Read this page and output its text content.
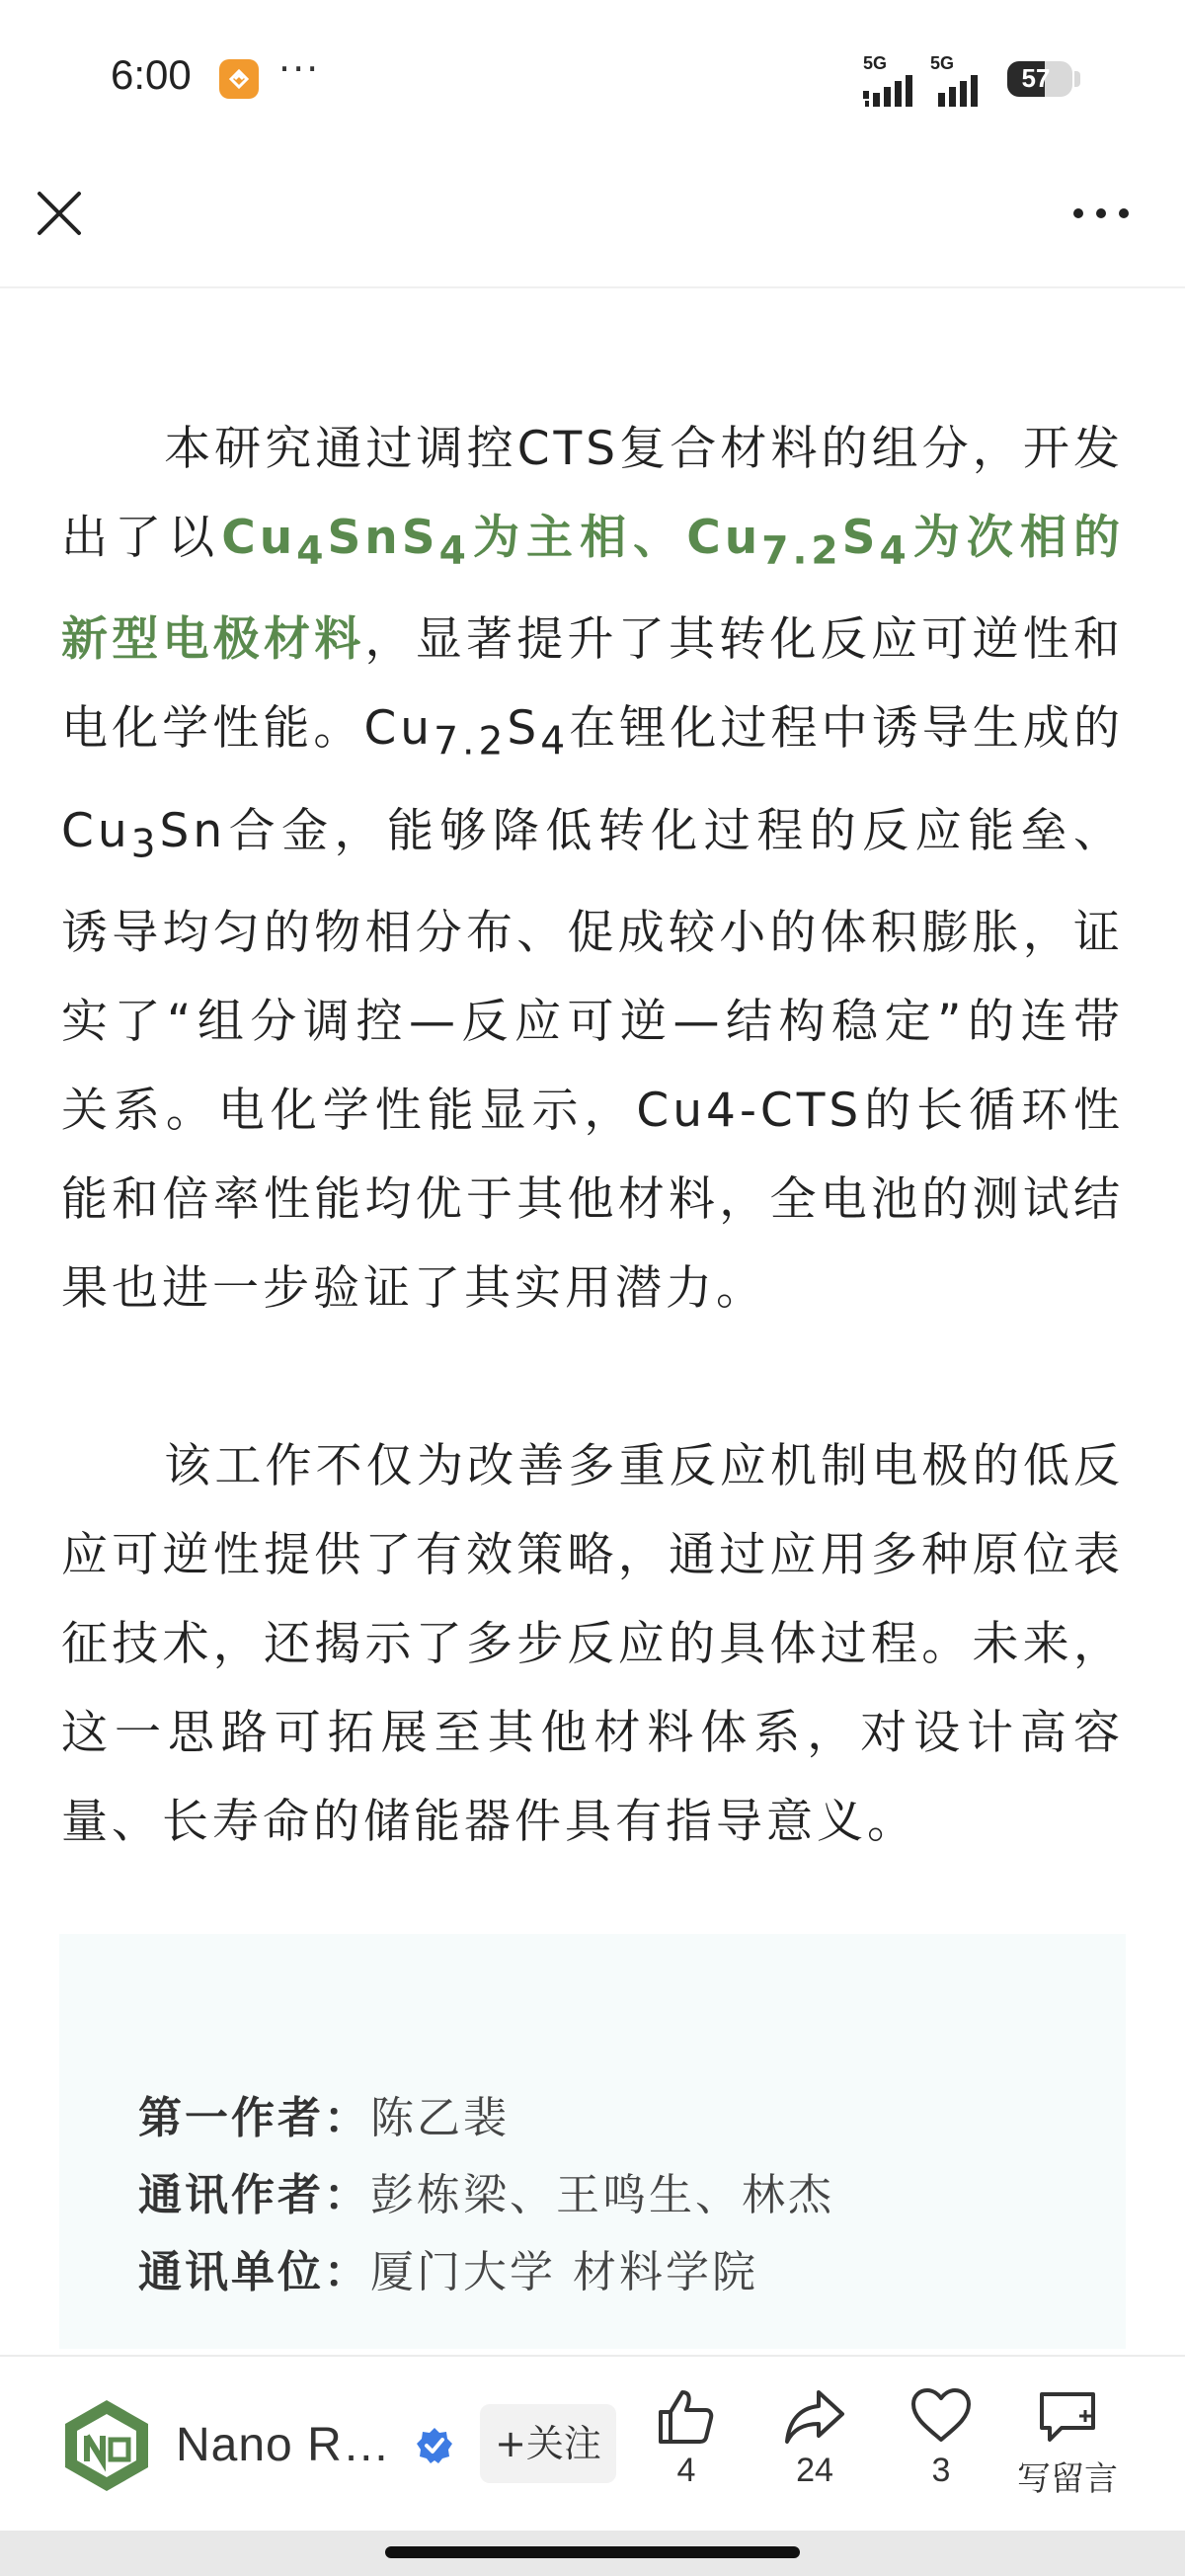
6:00 ···	5G 5G	57

本研究通过调控CTS复合材料的组分，开发出了以$Cu_4SnS_4$为主相、$Cu_{7.2}S_4$为次相的新型电极材料，显著提升了其转化反应可逆性和电化学性能。$Cu_{7.2}S_4$在锂化过程中诱导生成的$Cu_3Sn$合金，能够降低转化过程的反应能垒、诱导均匀的物相分布、促成较小的体积膨胀，证实了“组分调控—反应可逆—结构稳定”的连带关系。电化学性能显示，Cu4-CTS的长循环性能和倍率性能均优于其他材料，全电池的测试结果也进一步验证了其实用潜力。

该工作不仅为改善多重反应机制电极的低反应可逆性提供了有效策略，通过应用多种原位表征技术，还揭示了多步反应的具体过程。未来，这一思路可拓展至其他材料体系，对设计高容量、长寿命的储能器件具有指导意义。

第一作者：陈乙裴
通讯作者：彭栋梁、王鸣生、林杰
通讯单位：厦门大学 材料学院
Nano R…	+关注
4	24	3	写留言
